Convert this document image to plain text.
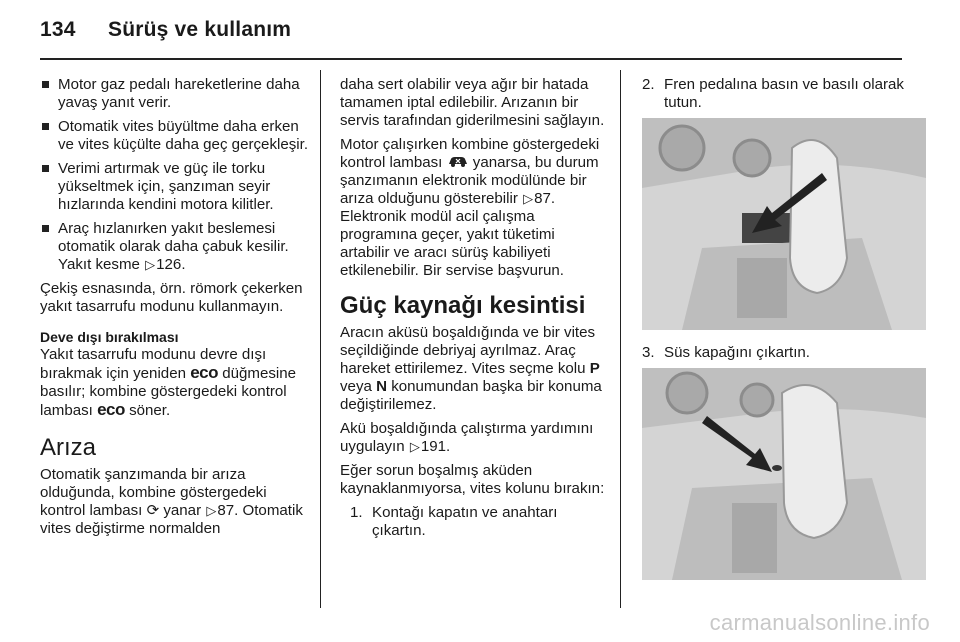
134 Sürüş ve kullanım
Motor gaz pedalı hareketlerine daha yavaş yanıt verir.
Otomatik vites büyültme daha erken ve vites küçülte daha geç gerçekleşir.
Verimi artırmak ve güç ile torku yükseltmek için, şanzıman seyir hızlarında kendini motora kilitler.
Araç hızlanırken yakıt beslemesi otomatik olarak daha çabuk kesilir. Yakıt kesme ▷126.

Çekiş esnasında, örn. römork çekerken yakıt tasarrufu modunu kullanmayın.

Deve dışı bırakılması

Yakıt tasarrufu modunu devre dışı bırakmak için yeniden eco düğmesine basılır; kombine göstergedeki kontrol lambası eco söner.

Arıza

Otomatik şanzımanda bir arıza olduğunda, kombine göstergedeki kontrol lambası ⟳ yanar ▷87. Otomatik vites değiştirme normalden

daha sert olabilir veya ağır bir hatada tamamen iptal edilebilir. Arızanın bir servis tarafından giderilmesini sağlayın.

Motor çalışırken kombine göstergedeki kontrol lambası yanarsa, bu durum şanzımanın elektronik modülünde bir arıza olduğunu gösterebilir ▷87. Elektronik modül acil çalışma programına geçer, yakıt tüketimi artabilir ve aracı sürüş kabiliyeti etkilenebilir. Bir servise başvurun.

Güç kaynağı kesintisi

Aracın aküsü boşaldığında ve bir vites seçildiğinde debriyaj ayrılmaz. Araç hareket ettirilemez. Vites seçme kolu P veya N konumundan başka bir konuma değiştirilemez.

Akü boşaldığında çalıştırma yardımını uygulayın ▷191.

Eğer sorun boşalmış aküden kaynaklanmıyorsa, vites kolunu bırakın:

1. Kontağı kapatın ve anahtarı çıkartın.
2. Fren pedalına basın ve basılı olarak tutun.
3. Süs kapağını çıkartın.
carmanualsonline.info
